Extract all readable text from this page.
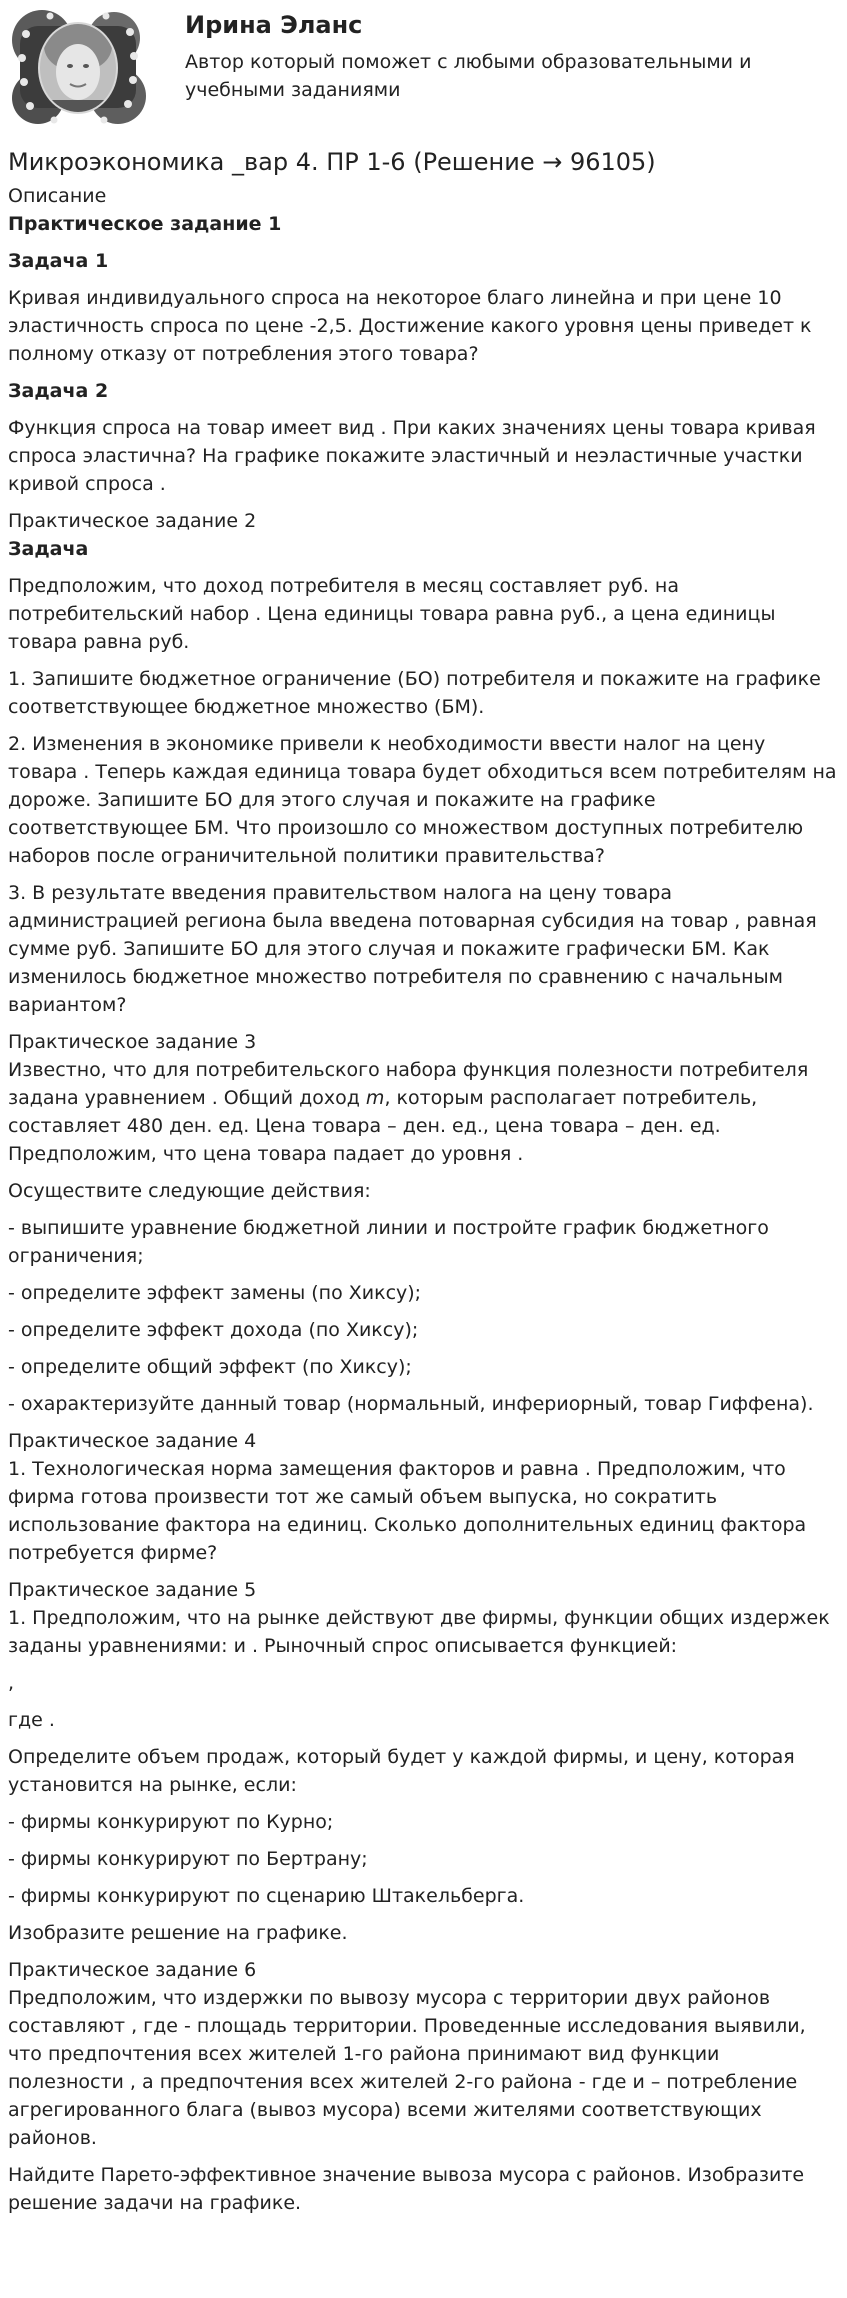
Ирина Эланс
Автор который поможет с любыми образовательными и учебными заданиями
Микроэкономика _вар 4. ПР 1-6 (Решение → 96105)
Описание
Практическое задание 1

Задача 1

Кривая индивидуального спроса на некоторое благо линейна и при цене 10 эластичность спроса по цене -2,5. Достижение какого уровня цены приведет к полному отказу от потребления этого товара?

Задача 2

Функция спроса на товар имеет вид . При каких значениях цены товара кривая спроса эластична? На графике покажите эластичный и неэластичные участки кривой спроса .

Практическое задание 2

Задача

Предположим, что доход потребителя в месяц составляет руб. на потребительский набор . Цена единицы товара равна руб., а цена единицы товара равна руб.

1. Запишите бюджетное ограничение (БО) потребителя и покажите на графике соответствующее бюджетное множество (БМ).

2. Изменения в экономике привели к необходимости ввести налог на цену товара . Теперь каждая единица товара будет обходиться всем потребителям на дороже. Запишите БО для этого случая и покажите на графике соответствующее БМ. Что произошло со множеством доступных потребителю наборов после ограничительной политики правительства?

3. В результате введения правительством налога на цену товара администрацией региона была введена потоварная субсидия на товар , равная сумме руб. Запишите БО для этого случая и покажите графически БМ. Как изменилось бюджетное множество потребителя по сравнению с начальным вариантом?

Практическое задание 3

Известно, что для потребительского набора функция полезности потребителя задана уравнением . Общий доход m, которым располагает потребитель, составляет 480 ден. ед. Цена товара – ден. ед., цена товара – ден. ед. Предположим, что цена товара падает до уровня .

Осуществите следующие действия:

- выпишите уравнение бюджетной линии и постройте график бюджетного ограничения;

- определите эффект замены (по Хиксу);

- определите эффект дохода (по Хиксу);

- определите общий эффект (по Хиксу);

- охарактеризуйте данный товар (нормальный, инфериорный, товар Гиффена).

Практическое задание 4

1. Технологическая норма замещения факторов и равна . Предположим, что фирма готова произвести тот же самый объем выпуска, но сократить использование фактора на единиц. Сколько дополнительных единиц фактора потребуется фирме?

Практическое задание 5

1. Предположим, что на рынке действуют две фирмы, функции общих издержек заданы уравнениями: и . Рыночный спрос описывается функцией:

,

где .

Определите объем продаж, который будет у каждой фирмы, и цену, которая установится на рынке, если:

- фирмы конкурируют по Курно;

- фирмы конкурируют по Бертрану;

- фирмы конкурируют по сценарию Штакельберга.

Изобразите решение на графике.

Практическое задание 6

Предположим, что издержки по вывозу мусора с территории двух районов составляют , где - площадь территории. Проведенные исследования выявили, что предпочтения всех жителей 1-го района принимают вид функции полезности , а предпочтения всех жителей 2-го района - где и – потребление агрегированного блага (вывоз мусора) всеми жителями соответствующих районов.

Найдите Парето-эффективное значение вывоза мусора с районов. Изобразите решение задачи на графике.
